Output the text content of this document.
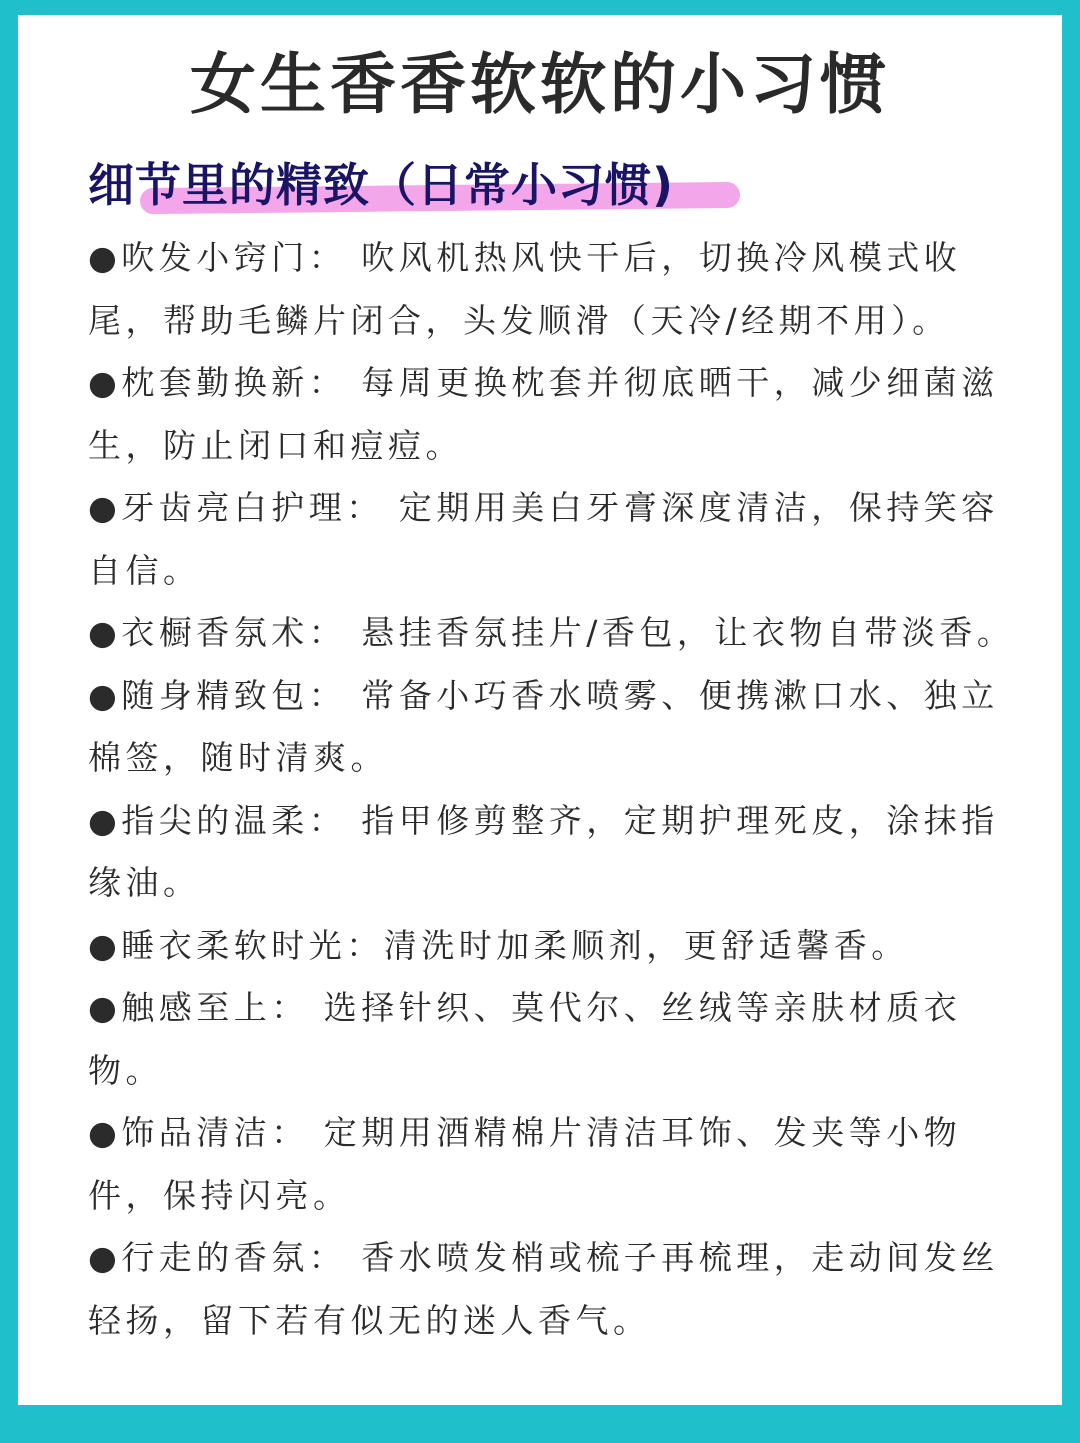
女生香香软软的小习惯
细节里的精致（日常小习惯)
●吹发小窍门： 吹风机热风快干后，切换冷风模式收尾，帮助毛鳞片闭合，头发顺滑（天冷/经期不用）。
●枕套勤换新： 每周更换枕套并彻底晒干，减少细菌滋生，防止闭口和痘痘。
●牙齿亮白护理： 定期用美白牙膏深度清洁，保持笑容自信。
●衣橱香氛术： 悬挂香氛挂片/香包，让衣物自带淡香。
●随身精致包： 常备小巧香水喷雾、便携漱口水、独立棉签，随时清爽。
●指尖的温柔： 指甲修剪整齐，定期护理死皮，涂抹指缘油。
●睡衣柔软时光：清洗时加柔顺剂，更舒适馨香。
●触感至上： 选择针织、莫代尔、丝绒等亲肤材质衣物。
●饰品清洁： 定期用酒精棉片清洁耳饰、发夹等小物件，保持闪亮。
●行走的香氛： 香水喷发梢或梳子再梳理，走动间发丝轻扬，留下若有似无的迷人香气。
